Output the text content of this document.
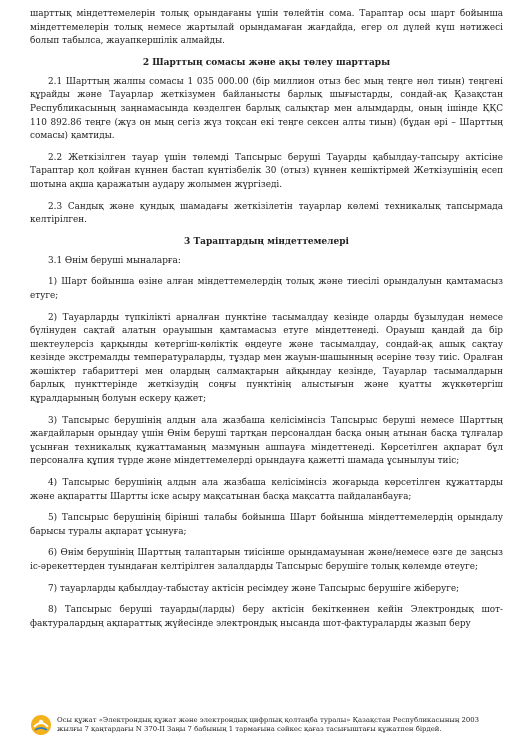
шарттық міндеттемелерін толық орындағаны үшін төлейтін сома. Тараптар осы шарт бойынша міндеттемелерін толық немесе жартылай орындамаған жағдайда, егер ол дүлей күш нәтижесі болып табылса, жауапкершілік алмайды.

2 Шарттың сомасы және ақы төлеу шарттары

2.1 Шарттың жалпы сомасы 1 035 000.00 (бір миллион отыз бес мың теңге нөл тиын) теңгені құрайды және Тауарлар жеткізумен байланысты барлық шығыстарды, сондай-ақ Қазақстан Республикасының заңнамасында көзделген барлық салықтар мен алымдарды, оның ішінде ҚҚС 110 892.86 теңге (жүз он мың сегіз жүз тоқсан екі теңге сексен алты тиын) (бұдан әрі – Шарттың сомасы) қамтиды.

2.2 Жеткізілген тауар үшін төлемді Тапсырыс беруші Тауарды қабылдау-тапсыру актісіне Тараптар қол қойған күннен бастап күнтізбелік 30 (отыз) күннен кешіктірмей Жеткізушінің есеп шотына ақша қаражатын аудару жолымен жүргізеді.

2.3 Сандық және қундық шамадағы жеткізілетін тауарлар көлемі техникалық тапсырмада келтірілген.

3 Тараптардың міндеттемелері

3.1 Өнім беруші мыналарға:

1) Шарт бойынша өзіне алған міндеттемелердің толық және тиесілі орындалуын қамтамасыз етуге;

2) Тауарларды түпкілікті арналған пунктіне тасымалдау кезінде оларды бұзылудан немесе бүлінуден сақтай алатын орауышын қамтамасыз етуге міндеттенеді. Орауыш қандай да бір шектеулерсіз қарқынды көтергіш-көліктік өңдеуге және тасымалдау, сондай-ақ ашық сақтау кезінде экстремалды температураларды, тұздар мен жауын-шашынның әсеріне төзу тиіс. Оралған жәшіктер габариттері мен олардың салмақтарын айқындау кезінде, Тауарлар тасымалдарын барлық пункттерінде жеткізудің соңғы пунктінің алыстығын және қуатты жүккөтергіш құралдарының болуын ескеру қажет;

3) Тапсырыс берушінің алдын ала жазбаша келісімінсіз Тапсырыс беруші немесе Шарттың жағдайларын орындау үшін Өнім беруші тартқан персоналдан басқа оның атынан басқа тұлғалар ұсынған техникалық құжаттаманың мазмұнын ашпауға міндеттенеді. Көрсетілген ақпарат бұл персоналға құпия түрде және міндеттемелерді орындауға қажетті шамада ұсынылуы тиіс;

4) Тапсырыс берушінің алдын ала жазбаша келісімінсіз жоғарыда көрсетілген құжаттарды және ақпаратты Шартты іске асыру мақсатынан басқа мақсатта пайдаланбауға;

5) Тапсырыс берушінің бірінші талабы бойынша Шарт бойынша міндеттемелердің орындалу барысы туралы ақпарат ұсынуға;

6) Өнім берушінің Шарттың талаптарын тиісінше орындамауынан және/немесе өзге де заңсыз іс-әрекеттерден туындаған келтірілген залалдарды Тапсырыс берушіге толық көлемде өтеуге;

7) тауарларды қабылдау-табыстау актісін ресімдеу және Тапсырыс берушіге жіберуге;

8) Тапсырыс беруші тауарды(ларды) беру актісін бекіткеннен кейін Электрондық шот-фактуралардың ақпараттық жүйесінде электрондық нысанда шот-фактураларды жазып беру

Осы құжат «Электрондық құжат және электрондық цифрлық қолтаңба туралы» Қазақстан Республикасының 2003 жылғы 7 қаңтардағы N 370-II Заңы 7 бабының 1 тармағына сәйкес қағаз тасығыштағы құжатпен бірдей.
